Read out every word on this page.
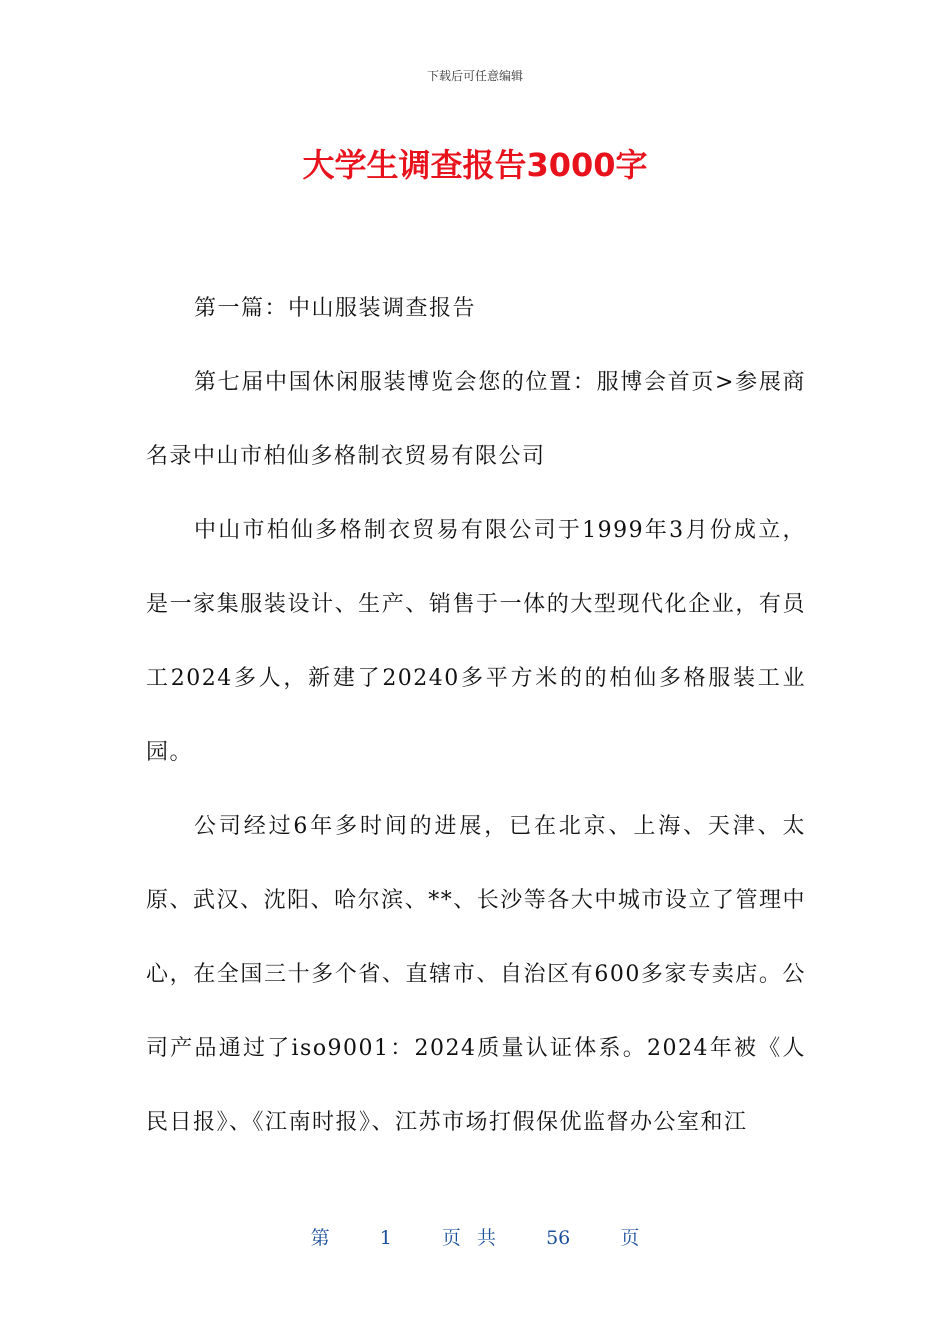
下载后可任意编辑
大学生调查报告3000字

第一篇：中山服装调查报告

第七届中国休闲服装博览会您的位置：服博会首页>参展商名录中山市柏仙多格制衣贸易有限公司

中山市柏仙多格制衣贸易有限公司于1999年3月份成立，是一家集服装设计、生产、销售于一体的大型现代化企业，有员工2024多人，新建了20240多平方米的的柏仙多格服装工业园。

公司经过6年多时间的进展，已在北京、上海、天津、太原、武汉、沈阳、哈尔滨、**、长沙等各大中城市设立了管理中心，在全国三十多个省、直辖市、自治区有600多家专卖店。公司产品通过了iso9001：2024质量认证体系。2024年被《人民日报》、《江南时报》、江苏市场打假保优监督办公室和江

第	1	页 共	56	页
